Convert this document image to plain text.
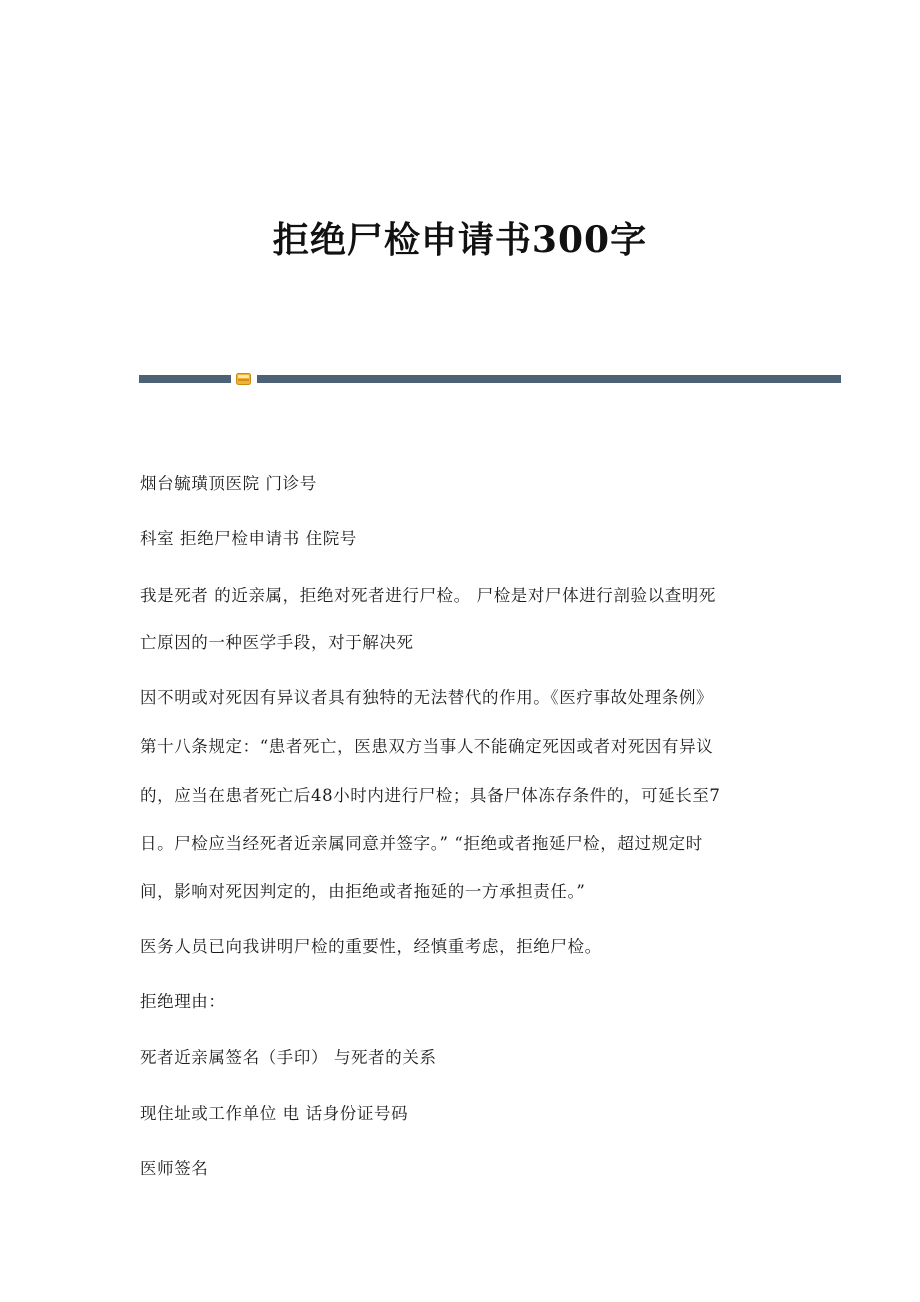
拒绝尸检申请书300字
烟台毓璜顶医院 门诊号
科室 拒绝尸检申请书 住院号
我是死者 的近亲属，拒绝对死者进行尸检。 尸检是对尸体进行剖验以查明死
亡原因的一种医学手段，对于解决死
因不明或对死因有异议者具有独特的无法替代的作用。《医疗事故处理条例》
第十八条规定：“患者死亡，医患双方当事人不能确定死因或者对死因有异议
的，应当在患者死亡后48小时内进行尸检；具备尸体冻存条件的，可延长至7
日。尸检应当经死者近亲属同意并签字。” “拒绝或者拖延尸检，超过规定时
间，影响对死因判定的，由拒绝或者拖延的一方承担责任。”
医务人员已向我讲明尸检的重要性，经慎重考虑，拒绝尸检。
拒绝理由：
死者近亲属签名（手印） 与死者的关系
现住址或工作单位 电 话身份证号码
医师签名
